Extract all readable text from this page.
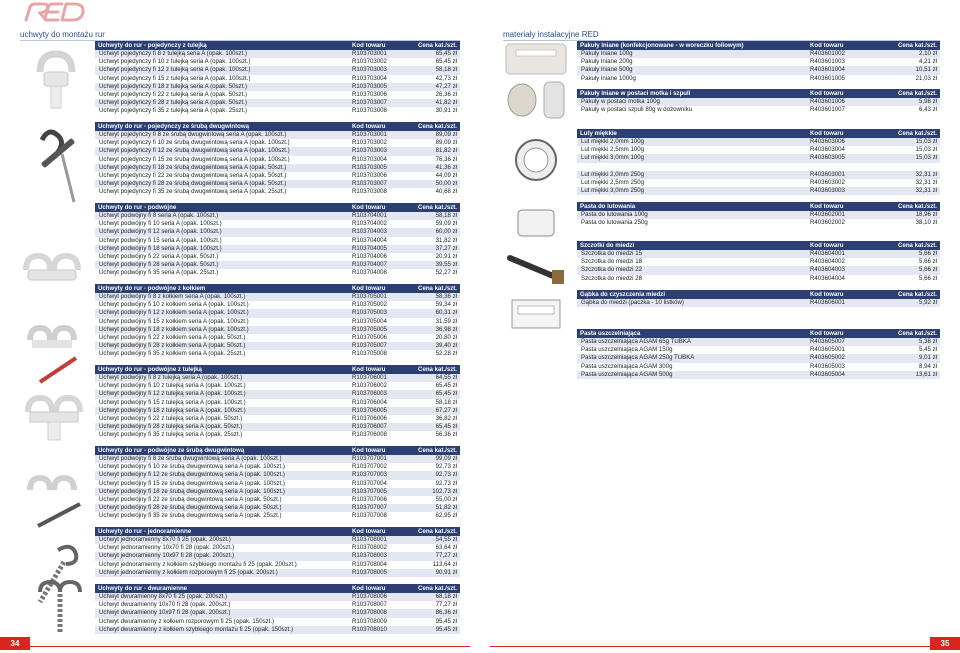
uchwyty do montażu rur	materiały instalacyjne RED
Uchwyty do rur - pojedynczy z tulejką	Kod towaru	Cena kat./szt.
Uchwyt pojedynczy fi 8 z tulejką seria A (opak. 100szt.)	R103703001	65,45 zł
Uchwyt pojedynczy fi 10 z tulejką seria A (opak. 100szt.)	R103703002	65,45 zł
Uchwyt pojedynczy fi 12 z tulejką seria A (opak. 100szt.)	R103703003	58,18 zł
Uchwyt pojedynczy fi 15 z tulejką seria A (opak. 100szt.)	R103703004	42,73 zł
Uchwyt pojedynczy fi 18 z tulejką seria A (opak. 50szt.)	R103703005	47,27 zł
Uchwyt pojedynczy fi 22 z tulejką seria A (opak. 50szt.)	R103703006	26,36 zł
Uchwyt pojedynczy fi 28 z tulejką seria A (opak. 50szt.)	R103703007	41,82 zł
Uchwyt pojedynczy fi 35 z tulejką seria A (opak. 25szt.)	R103703008	30,91 zł
Uchwyty do rur - pojedynczy ze śrubą dwugwintową	Kod towaru	Cena kat./szt.
Uchwyt pojedynczy fi 8 ze śrubą dwugwintową seria A (opak. 100szt.)	R103703001	89,09 zł
Uchwyt pojedynczy fi 10 ze śrubą dwugwintową seria A (opak. 100szt.)	R103703002	89,09 zł
Uchwyt pojedynczy fi 12 ze śrubą dwugwintową seria A (opak. 100szt.)	R103703003	81,82 zł
Uchwyt pojedynczy fi 15 ze śrubą dwugwintową seria A (opak. 100szt.)	R103703004	76,36 zł
Uchwyt pojedynczy fi 18 ze śrubą dwugwintową seria A (opak. 50szt.)	R103703005	41,36 zł
Uchwyt pojedynczy fi 22 ze śrubą dwugwintową seria A (opak. 50szt.)	R103703006	44,09 zł
Uchwyt pojedynczy fi 28 ze śrubą dwugwintową seria A (opak. 50szt.)	R103703007	50,00 zł
Uchwyt pojedynczy fi 35 ze śrubą dwugwintową seria A (opak. 25szt.)	R103703008	40,68 zł
Uchwyty do rur - podwójne	Kod towaru	Cena kat./szt.
Uchwyt podwójny fi 8 seria A (opak. 100szt.)	R103704001	58,18 zł
Uchwyt podwójny fi 10 seria A (opak. 100szt.)	R103704002	59,09 zł
Uchwyt podwójny fi 12 seria A (opak. 100szt.)	R103704003	60,00 zł
Uchwyt podwójny fi 15 seria A (opak. 100szt.)	R103704004	31,82 zł
Uchwyt podwójny fi 18 seria A (opak. 100szt.)	R103704005	37,27 zł
Uchwyt podwójny fi 22 seria A (opak. 50szt.)	R103704006	20,91 zł
Uchwyt podwójny fi 28 seria A (opak. 50szt.)	R103704007	39,55 zł
Uchwyt podwójny fi 35 seria A (opak. 25szt.)	R103704008	52,27 zł
Uchwyty do rur - podwójne z kołkiem	Kod towaru	Cena kat./szt.
Uchwyt podwójny fi 8 z kołkiem seria A (opak. 100szt.)	R103705001	58,36 zł
Uchwyt podwójny fi 10 z kołkiem seria A (opak. 100szt.)	R103705002	59,34 zł
Uchwyt podwójny fi 12 z kołkiem seria A (opak. 100szt.)	R103705003	60,31 zł
Uchwyt podwójny fi 15 z kołkiem seria A (opak. 100szt.)	R103705004	31,59 zł
Uchwyt podwójny fi 18 z kołkiem seria A (opak. 100szt.)	R103705005	36,98 zł
Uchwyt podwójny fi 22 z kołkiem seria A (opak. 50szt.)	R103705006	20,80 zł
Uchwyt podwójny fi 28 z kołkiem seria A (opak. 50szt.)	R103705007	39,40 zł
Uchwyt podwójny fi 35 z kołkiem seria A (opak. 25szt.)	R103705008	52,28 zł
Uchwyty do rur - podwójne z tulejką	Kod towaru	Cena kat./szt.
Uchwyt podwójny fi 8 z tulejką seria A (opak. 100szt.)	R103706001	64,55 zł
Uchwyt podwójny fi 10 z tulejką seria A (opak. 100szt.)	R103706002	65,45 zł
Uchwyt podwójny fi 12 z tulejką seria A (opak. 100szt.)	R103706003	65,45 zł
Uchwyt podwójny fi 15 z tulejką seria A (opak. 100szt.)	R103706004	58,18 zł
Uchwyt podwójny fi 18 z tulejką seria A (opak. 100szt.)	R103706005	67,27 zł
Uchwyt podwójny fi 22 z tulejką seria A (opak. 50szt.)	R103706006	36,82 zł
Uchwyt podwójny fi 28 z tulejką seria A (opak. 50szt.)	R103706007	65,45 zł
Uchwyt podwójny fi 35 z tulejką seria A (opak. 25szt.)	R103706008	56,36 zł
Uchwyty do rur - podwójne ze śrubą dwugwintową	Kod towaru	Cena kat./szt.
Uchwyt podwójny fi 8 ze śrubą dwugwintową seria A (opak. 100szt.)	R103707001	99,09 zł
Uchwyt podwójny fi 10 ze śrubą dwugwintową seria A (opak. 100szt.)	R103707002	92,73 zł
Uchwyt podwójny fi 12 ze śrubą dwugwintową seria A (opak. 100szt.)	R103707003	92,73 zł
Uchwyt podwójny fi 15 ze śrubą dwugwintową seria A (opak. 100szt.)	R103707004	92,73 zł
Uchwyt podwójny fi 18 ze śrubą dwugwintową seria A (opak. 100szt.)	R103707005	102,73 zł
Uchwyt podwójny fi 22 ze śrubą dwugwintową seria A (opak. 50szt.)	R103707006	55,00 zł
Uchwyt podwójny fi 28 ze śrubą dwugwintową seria A (opak. 50szt.)	R103707007	51,82 zł
Uchwyt podwójny fi 35 ze śrubą dwugwintową seria A (opak. 25szt.)	R103707008	62,95 zł
Uchwyty do rur - jednoramienne	Kod towaru	Cena kat./szt.
Uchwyt jednoramienny 8x70 fi 25 (opak. 200szt.)	R103708001	54,55 zł
Uchwyt jednoramienny 10x70 fi 28 (opak. 200szt.)	R103708002	63,64 zł
Uchwyt jednoramienny 10x97 fi 28 (opak. 200szt.)	R103708003	77,27 zł
Uchwyt jednoramienny z kołkiem szybkiego montażu fi 25 (opak. 200szt.)	R103708004	113,64 zł
Uchwyt jednoramienny z kołkiem rozporowym fi 25 (opak. 200szt.)	R103708005	90,91 zł
Uchwyty do rur - dwuramienne	Kod towaru	Cena kat./szt.
Uchwyt dwuramienny 8x70 fi 25 (opak. 200szt.)	R103708006	68,18 zł
Uchwyt dwuramienny 10x70 fi 28 (opak. 200szt.)	R103708007	77,27 zł
Uchwyt dwuramienny 10x97 fi 28 (opak. 200szt.)	R103708008	86,36 zł
Uchwyt dwuramienny z kołkiem rozporowym fi 25 (opak. 150szt.)	R103708009	95,45 zł
Uchwyt dwuramienny z kołkiem szybkiego montażu fi 25 (opak. 150szt.)	R103708010	95,45 zł
Pakuły lniane (konfekcjonowane - w woreczku foliowym)	Kod towaru	Cena kat./szt.
Pakuły lniane 100g	R403601002	2,10 zł
Pakuły lniane 200g	R403601003	4,21 zł
Pakuły lniane 500g	R403601004	10,51 zł
Pakuły lniane 1000g	R403601005	21,03 zł
Pakuły lniane w postaci motka i szpuli	Kod towaru	Cena kat./szt.
Pakuły w postaci motka 100g	R403601006	5,98 zł
Pakuły w postaci szpuli 80g w dozowniku	R403601007	6,43 zł
Luty miękkie	Kod towaru	Cena kat./szt.
Lut miękki 2,0mm 100g	R403603006	15,03 zł
Lut miękki 2,5mm 100g	R403603004	15,03 zł
Lut miękki 3,0mm 100g	R403603005	15,03 zł

Lut miękki 2,0mm 250g	R403603001	32,31 zł
Lut miękki 2,5mm 250g	R403603002	32,31 zł
Lut miękki 3,0mm 250g	R403603003	32,31 zł
Pasta do lutowania	Kod towaru	Cena kat./szt.
Pasta do lutowania 100g	R403602001	18,96 zł
Pasta do lutowania 250g	R403602002	38,10 zł
Szczotki do miedzi	Kod towaru	Cena kat./szt.
Szczotka do miedzi 15	R403604001	5,66 zł
Szczotka do miedzi 18	R403604002	5,66 zł
Szczotka do miedzi 22	R403604003	5,66 zł
Szczotka do miedzi 28	R403604004	5,66 zł
Gąbka do czyszczenia miedzi	Kod towaru	Cena kat./szt.
Gąbka do miedzi (paczka - 10 listków)	R403606001	5,92 zł
Pasta uszczelniająca	Kod towaru	Cena kat./szt.
Pasta uszczelniająca AGAM 65g TUBKA	R403605007	5,38 zł
Pasta uszczelniająca AGAM 150g	R403605001	5,45 zł
Pasta uszczelniająca AGAM 250g TUBKA	R403605002	9,01 zł
Pasta uszczelniająca AGAM 300g	R403605003	8,94 zł
Pasta uszczelniająca AGAM 500g	R403605004	13,61 zł
34	35
